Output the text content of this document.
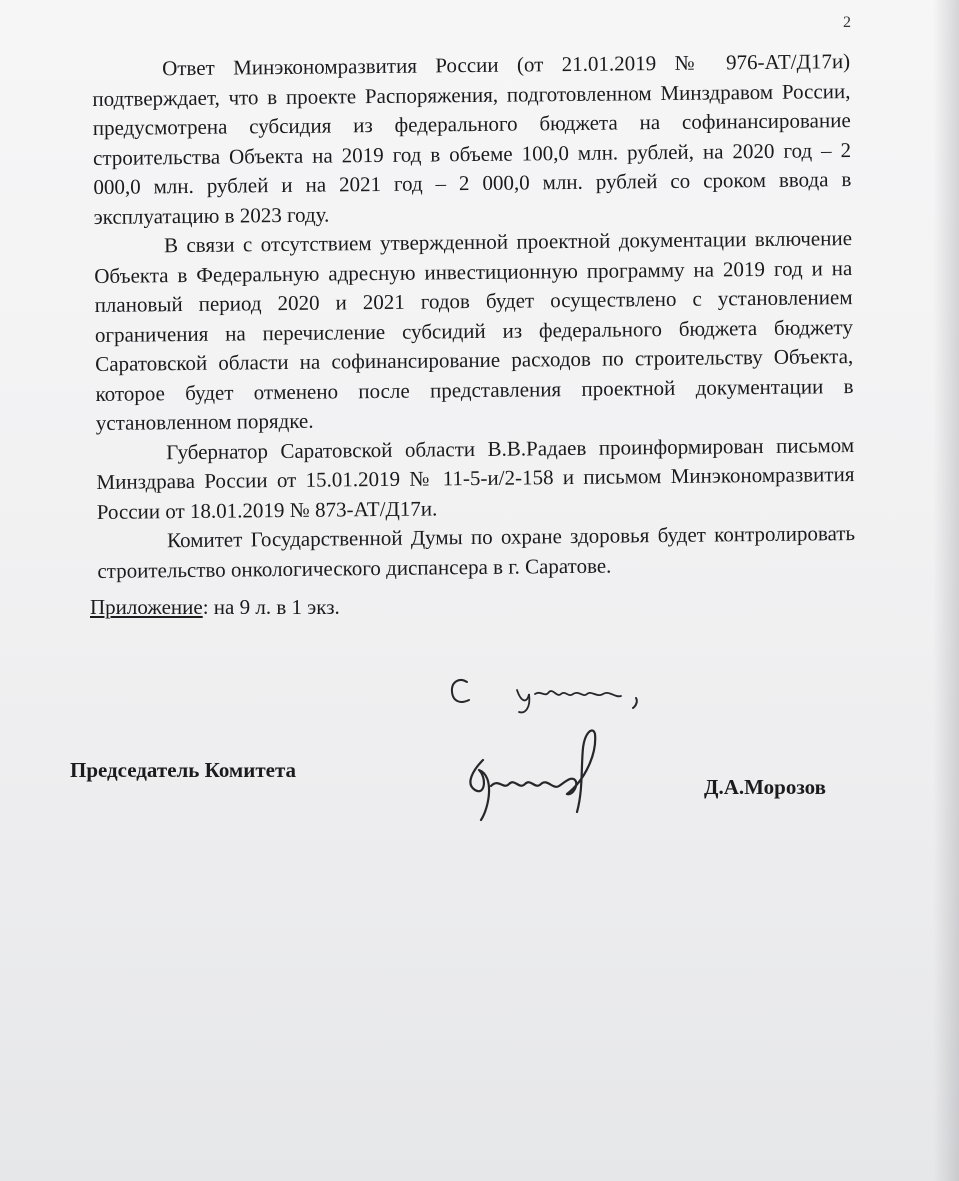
2

Ответ Минэкономразвития России (от 21.01.2019 № 976-АТ/Д17и) подтверждает, что в проекте Распоряжения, подготовленном Минздравом России, предусмотрена субсидия из федерального бюджета на софинансирование строительства Объекта на 2019 год в объеме 100,0 млн. рублей, на 2020 год – 2 000,0 млн. рублей и на 2021 год – 2 000,0 млн. рублей со сроком ввода в эксплуатацию в 2023 году.

В связи с отсутствием утвержденной проектной документации включение Объекта в Федеральную адресную инвестиционную программу на 2019 год и на плановый период 2020 и 2021 годов будет осуществлено с установлением ограничения на перечисление субсидий из федерального бюджета бюджету Саратовской области на софинансирование расходов по строительству Объекта, которое будет отменено после представления проектной документации в установленном порядке.

Губернатор Саратовской области В.В.Радаев проинформирован письмом Минздрава России от 15.01.2019 № 11-5-и/2-158 и письмом Минэкономразвития России от 18.01.2019 № 873-АТ/Д17и.

Комитет Государственной Думы по охране здоровья будет контролировать строительство онкологического диспансера в г. Саратове.

Приложение: на 9 л. в 1 экз.
Председатель Комитета
Д.А.Морозов
